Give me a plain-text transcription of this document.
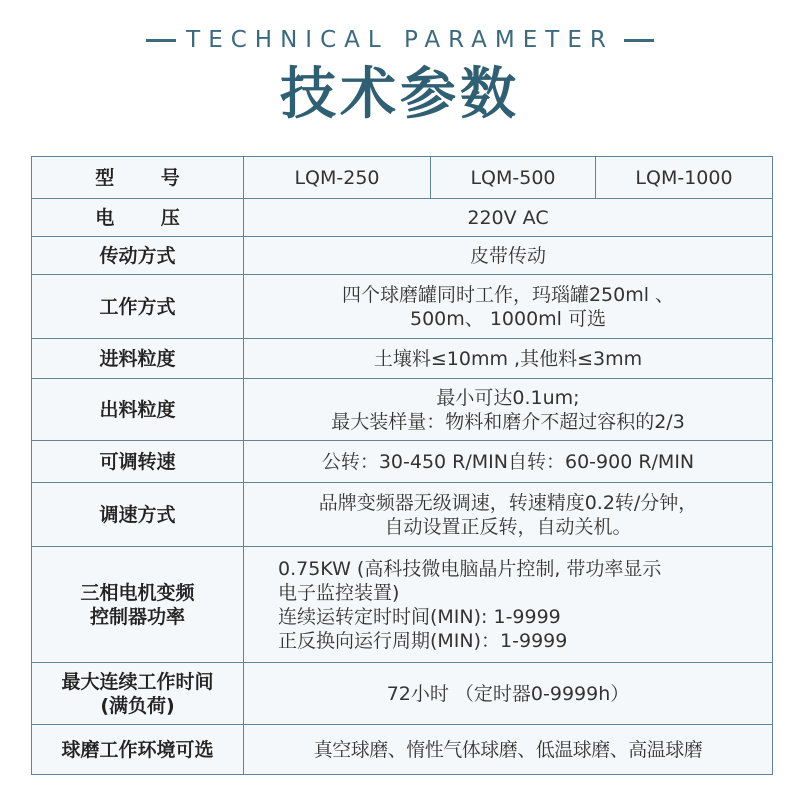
TECHNICAL PARAMETER
技术参数
型 号	LQM-250	LQM-500	LQM-1000
电 压	220V AC		
传动方式	皮带传动		
工作方式	四个球磨罐同时工作，玛瑙罐250ml 、
500m、 1000ml 可选		

进料粒度	土壤料≤10mm ,其他料≤3mm		
出料粒度	最小可达0.1um;
最大装样量：物料和磨介不超过容积的2/3		

可调转速	公转：30-450 R/MIN自转：60-900 R/MIN		
调速方式	品牌变频器无级调速，转速精度0.2转/分钟，
自动设置正反转，自动关机。		

三相电机变频
控制器功率	0.75KW (高科技微电脑晶片控制, 带功率显示
电子监控装置)
连续运转定时时间(MIN): 1-9999
正反换向运行周期(MIN)：1-9999		

最大连续工作时间
(满负荷)	72小时 （定时器0-9999h）		
球磨工作环境可选	真空球磨、惰性气体球磨、低温球磨、高温球磨		
